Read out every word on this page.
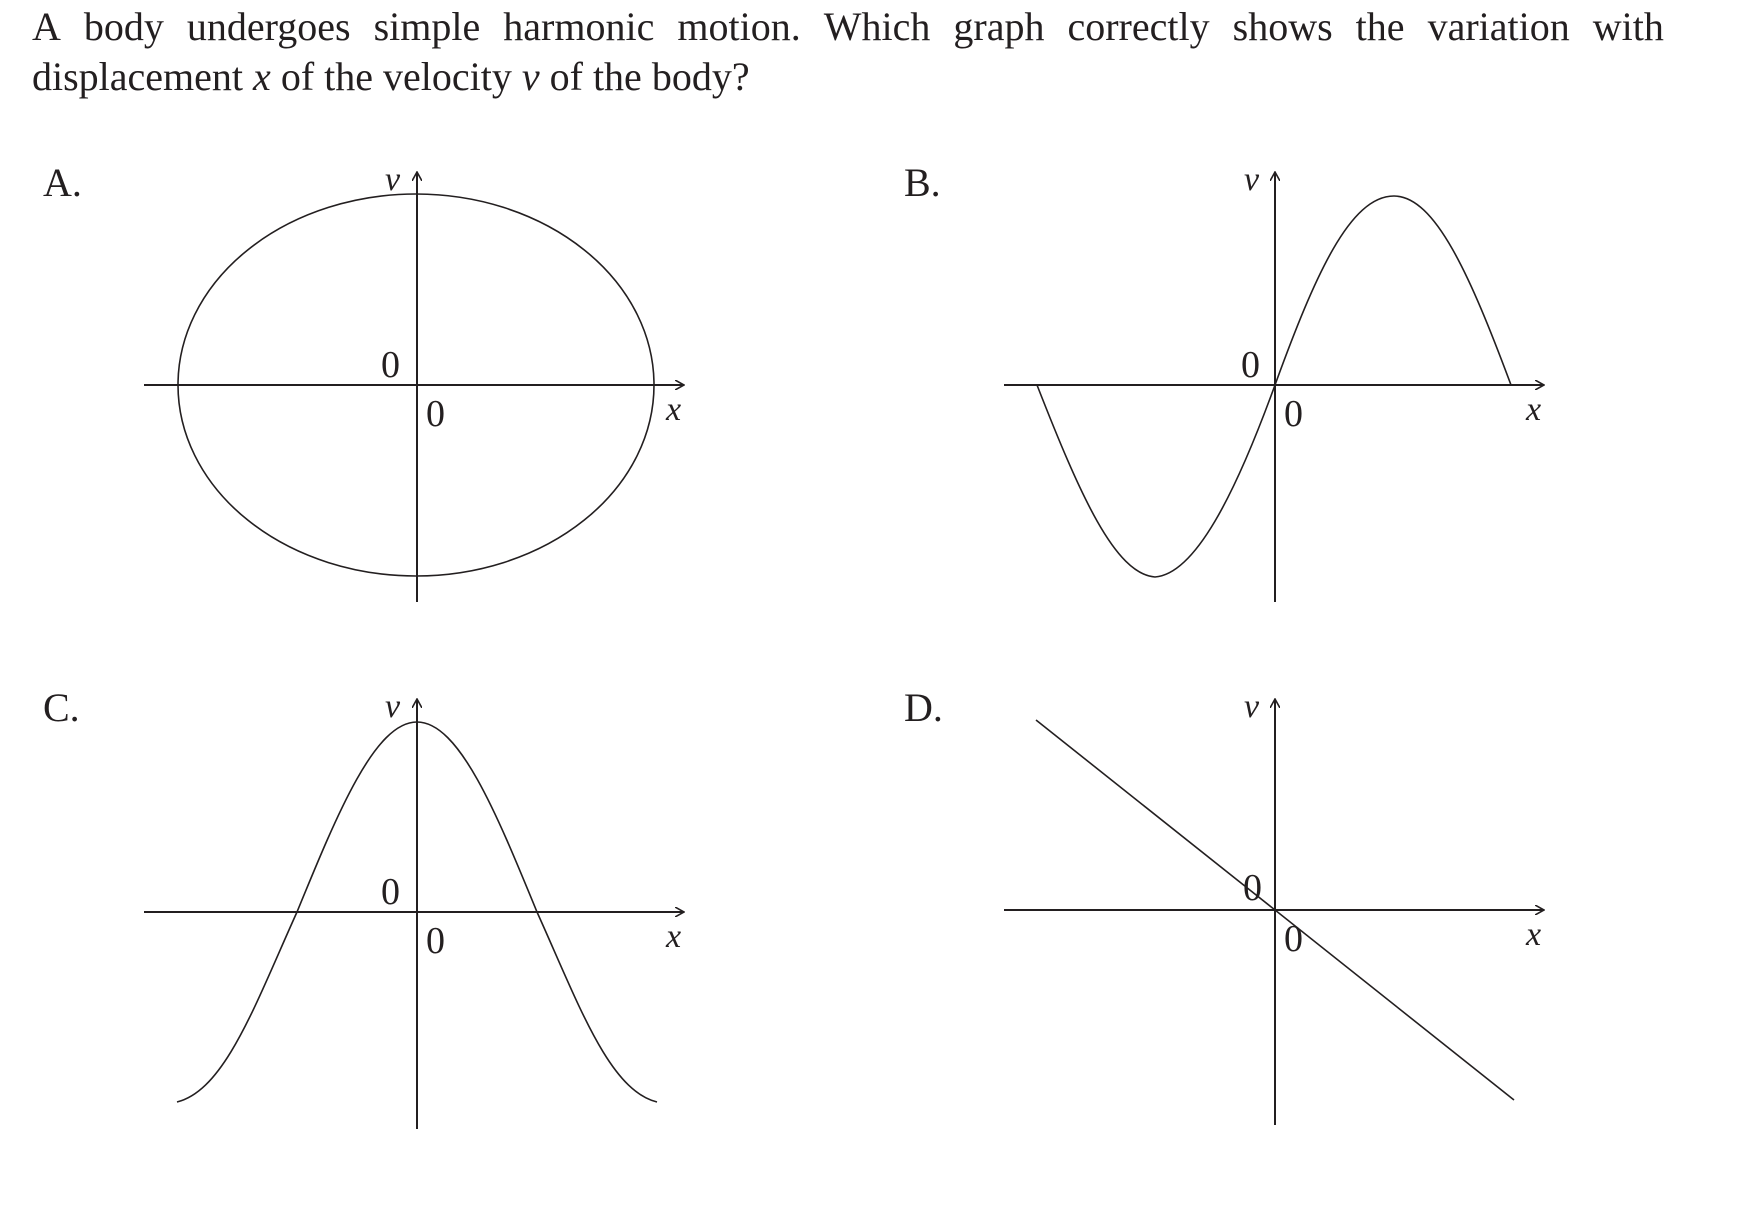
A body undergoes simple harmonic motion. Which graph correctly shows the variation with
displacement x of the velocity v of the body?

A.	B.
C.	D.
v
x
0
0
v
x
0
0
v
x
0
0
v
x
0
0
